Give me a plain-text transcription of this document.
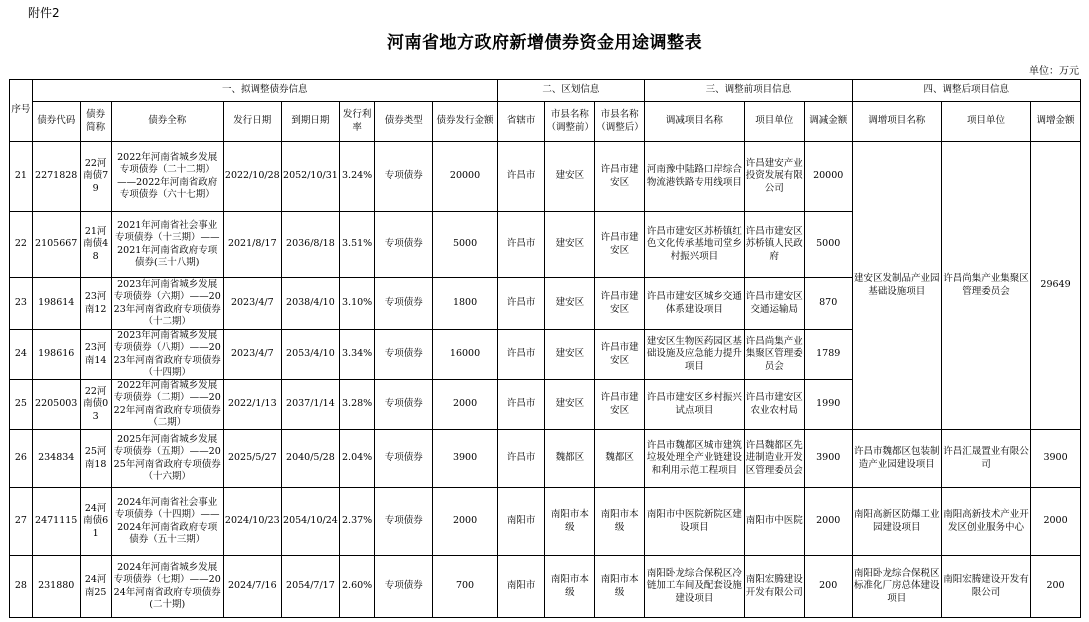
附件2
河南省地方政府新增债券资金用途调整表
单位：万元
序号	一、拟调整债券信息								二、区划信息			三、调整前项目信息			四、调整后项目信息		
	债券代码	债券简称	债券全称	发行日期	到期日期	发行利率	债券类型	债券发行金额	省辖市	市县名称（调整前）	市县名称（调整后）	调减项目名称	项目单位	调减金额	调增项目名称	项目单位	调增金额
21	2271828	22河南债79	2022年河南省城乡发展专项债券（二十二期）——2022年河南省政府专项债券（六十七期）	2022/10/28	2052/10/31	3.24%	专项债券	20000	许昌市	建安区	许昌市建安区	河南豫中陆路口岸综合物流港铁路专用线项目	许昌建安产业投资发展有限公司	20000	建安区发制品产业园基础设施项目	许昌尚集产业集聚区管理委员会	29649
22	2105667	21河南债48	2021年河南省社会事业专项债券（十三期）——2021年河南省政府专项债券(三十八期)	2021/8/17	2036/8/18	3.51%	专项债券	5000	许昌市	建安区	许昌市建安区	许昌市建安区苏桥镇红色文化传承基地司堂乡村振兴项目	许昌市建安区苏桥镇人民政府	5000			
23	198614	23河南12	2023年河南省城乡发展专项债券（六期）——2023年河南省政府专项债券（十二期）	2023/4/7	2038/4/10	3.10%	专项债券	1800	许昌市	建安区	许昌市建安区	许昌市建安区城乡交通体系建设项目	许昌市建安区交通运输局	870			
24	198616	23河南14	2023年河南省城乡发展专项债券（八期）——2023年河南省政府专项债券（十四期）	2023/4/7	2053/4/10	3.34%	专项债券	16000	许昌市	建安区	许昌市建安区	建安区生物医药园区基础设施及应急能力提升项目	许昌尚集产业集聚区管理委员会	1789			
25	2205003	22河南债03	2022年河南省城乡发展专项债券（二期）——2022年河南省政府专项债券（二期）	2022/1/13	2037/1/14	3.28%	专项债券	2000	许昌市	建安区	许昌市建安区	许昌市建安区乡村振兴试点项目	许昌市建安区农业农村局	1990			
26	234834	25河南18	2025年河南省城乡发展专项债券（五期）——2025年河南省政府专项债券（十六期）	2025/5/27	2040/5/28	2.04%	专项债券	3900	许昌市	魏都区	魏都区	许昌市魏都区城市建筑垃圾处理全产业链建设和利用示范工程项目	许昌魏都区先进制造业开发区管理委员会	3900	许昌市魏都区包装制造产业园建设项目	许昌汇晟置业有限公司	3900
27	2471115	24河南债61	2024年河南省社会事业专项债券（十四期）——2024年河南省政府专项债券（五十三期）	2024/10/23	2054/10/24	2.37%	专项债券	2000	南阳市	南阳市本级	南阳市本级	南阳市中医院新院区建设项目	南阳市中医院	2000	南阳高新区防爆工业园建设项目	南阳高新技术产业开发区创业服务中心	2000
28	231880	24河南25	2024年河南省城乡发展专项债券（七期）——2024年河南省政府专项债券(二十期)	2024/7/16	2054/7/17	2.60%	专项债券	700	南阳市	南阳市本级	南阳市本级	南阳卧龙综合保税区冷链加工车间及配套设施建设项目	南阳宏腾建设开发有限公司	200	南阳卧龙综合保税区标准化厂房总体建设项目	南阳宏腾建设开发有限公司	200
